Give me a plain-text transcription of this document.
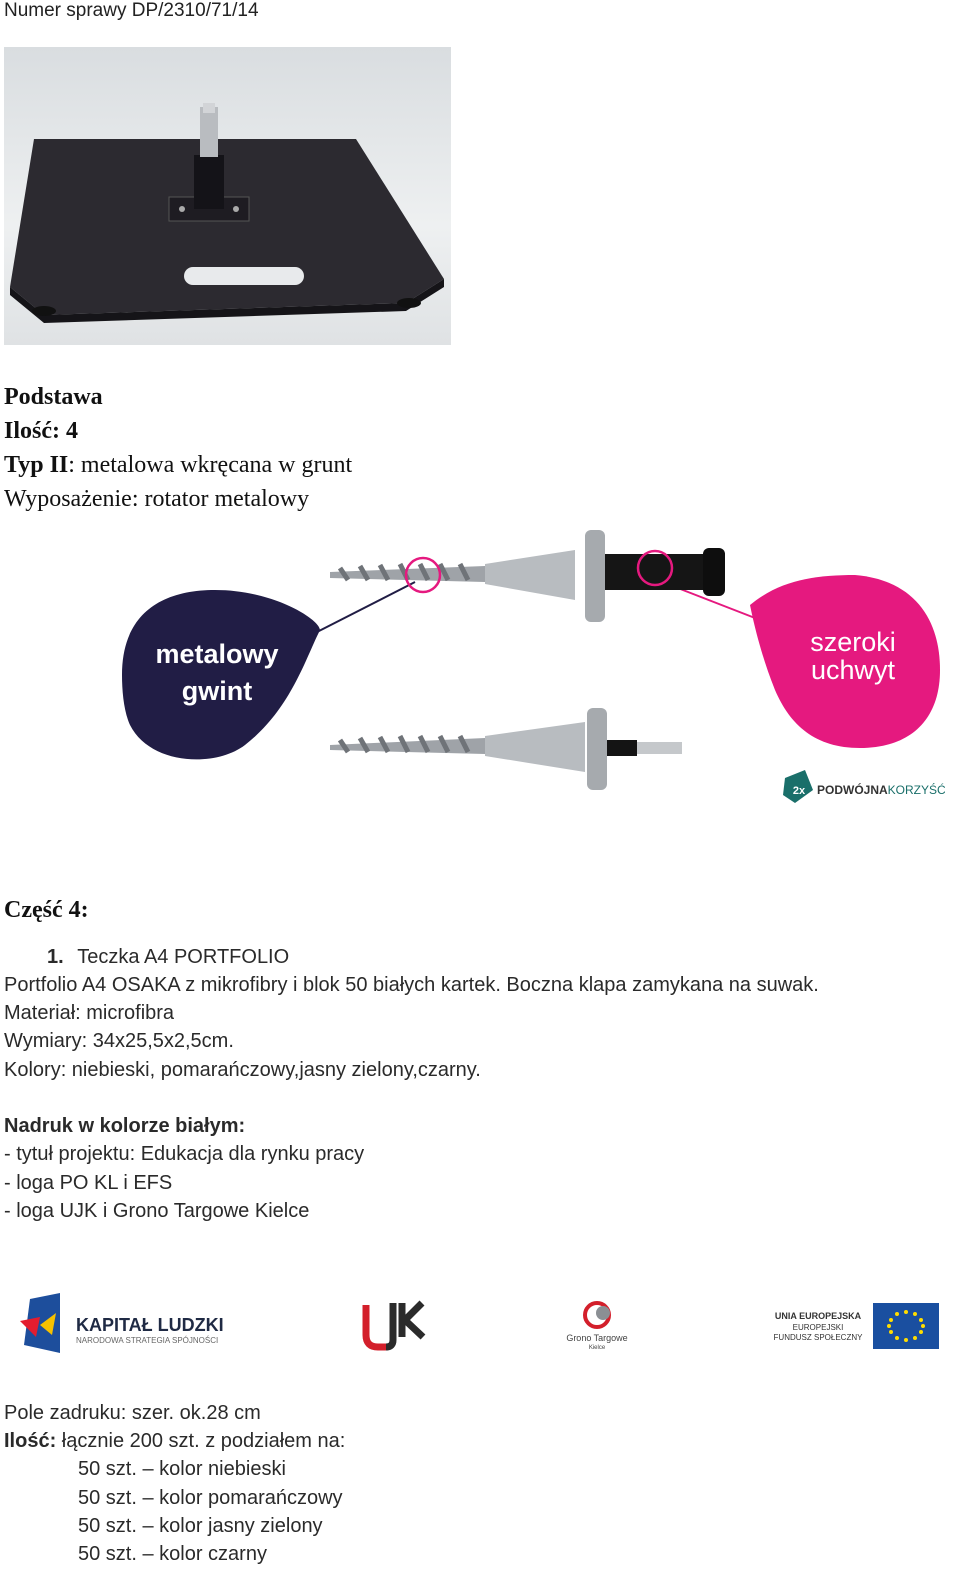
Numer sprawy DP/2310/71/14
Podstawa
Ilość: 4
Typ II: metalowa wkręcana w grunt
Wyposażenie: rotator metalowy
metalowy
gwint
szeroki
uchwyt
2x PODWÓJNAKORZYŚĆ
Część 4:
1. Teczka A4 PORTFOLIO
Portfolio A4 OSAKA z mikrofibry i blok 50 białych kartek. Boczna klapa zamykana na suwak.
Materiał: microfibra
Wymiary: 34x25,5x2,5cm.
Kolory: niebieski, pomarańczowy,jasny zielony,czarny.
Nadruk w kolorze białym:
- tytuł projektu: Edukacja dla rynku pracy
- loga PO KL i EFS
- loga UJK i Grono Targowe Kielce
KAPITAŁ LUDZKI
NARODOWA STRATEGIA SPÓJNOŚCI	Grono Targowe
Kielce
UNIA EUROPEJSKA
EUROPEJSKI
FUNDUSZ SPOŁECZNY
Pole zadruku: szer. ok.28 cm
Ilość: łącznie 200 szt. z podziałem na:
50 szt. – kolor niebieski
50 szt. – kolor pomarańczowy
50 szt. – kolor jasny zielony
50 szt. – kolor czarny
